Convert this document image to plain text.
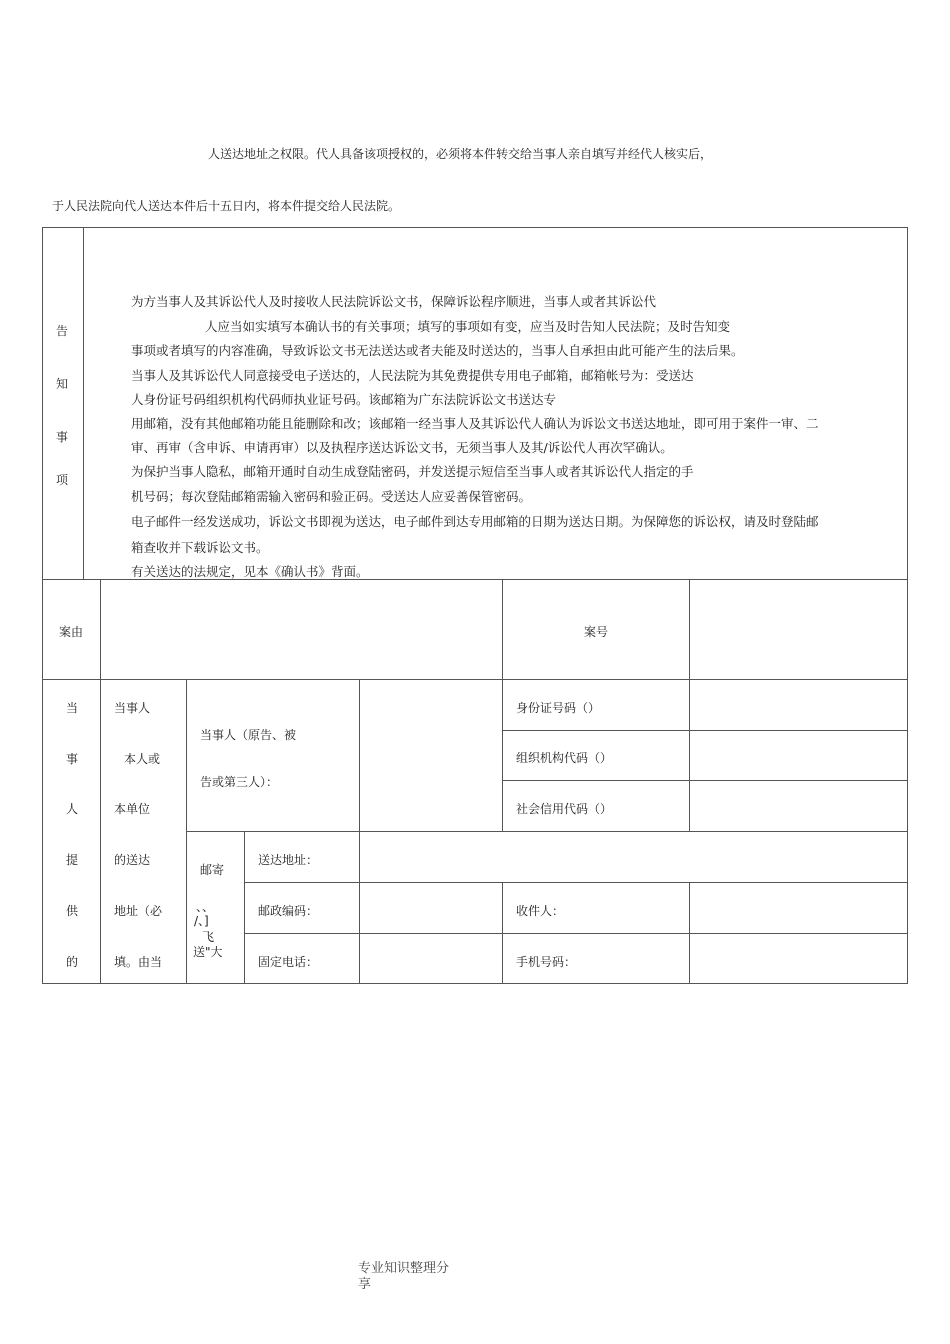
人送达地址之权限。代人具备该项授权的，必须将本件转交给当事人亲自填写并经代人核实后，
于人民法院向代人送达本件后十五日内，将本件提交给人民法院。
告
知
事
项
为方当事人及其诉讼代人及时接收人民法院诉讼文书，保障诉讼程序顺进，当事人或者其诉讼代
人应当如实填写本确认书的有关事项；填写的事项如有变，应当及时告知人民法院；及时告知变
事项或者填写的内容准确，导致诉讼文书无法送达或者夫能及时送达的，当事人自承担由此可能产生的法后果。
当事人及其诉讼代人同意接受电子送达的，人民法院为其免费提供专用电子邮箱，邮箱帐号为：受送达
人身份证号码组织机构代码师执业证号码。该邮箱为广东法院诉讼文书送达专
用邮箱，没有其他邮箱功能且能删除和改；该邮箱一经当事人及其诉讼代人确认为诉讼文书送达地址，即可用于案件一审、二
审、再审（含申诉、申请再审）以及执程序送达诉讼文书，无须当事人及其/诉讼代人再次罕确认。
为保护当事人隐私，邮箱开通时自动生成登陆密码，并发送提示短信至当事人或者其诉讼代人指定的手
机号码；每次登陆邮箱需输入密码和验正码。受送达人应妥善保管密码。
电子邮件一经发送成功，诉讼文书即视为送达，电子邮件到达专用邮箱的日期为送达日期。为保障您的诉讼权，请及时登陆邮
箱查收并下载诉讼文书。
有关送达的法规定，见本《确认书》背面。
案由	案号
当
事
人
提
供
的
当事人
本人或
本单位
的送达
地址（必
填。由当
当事人（原告、被
告或第三人）：
身份证号码（）
组织机构代码（）
社会信用代码（）
邮寄
、、
/、]
飞
送"大
送达地址：
邮政编码：	收件人：
固定电话：	手机号码：
专业知识整理分
享
